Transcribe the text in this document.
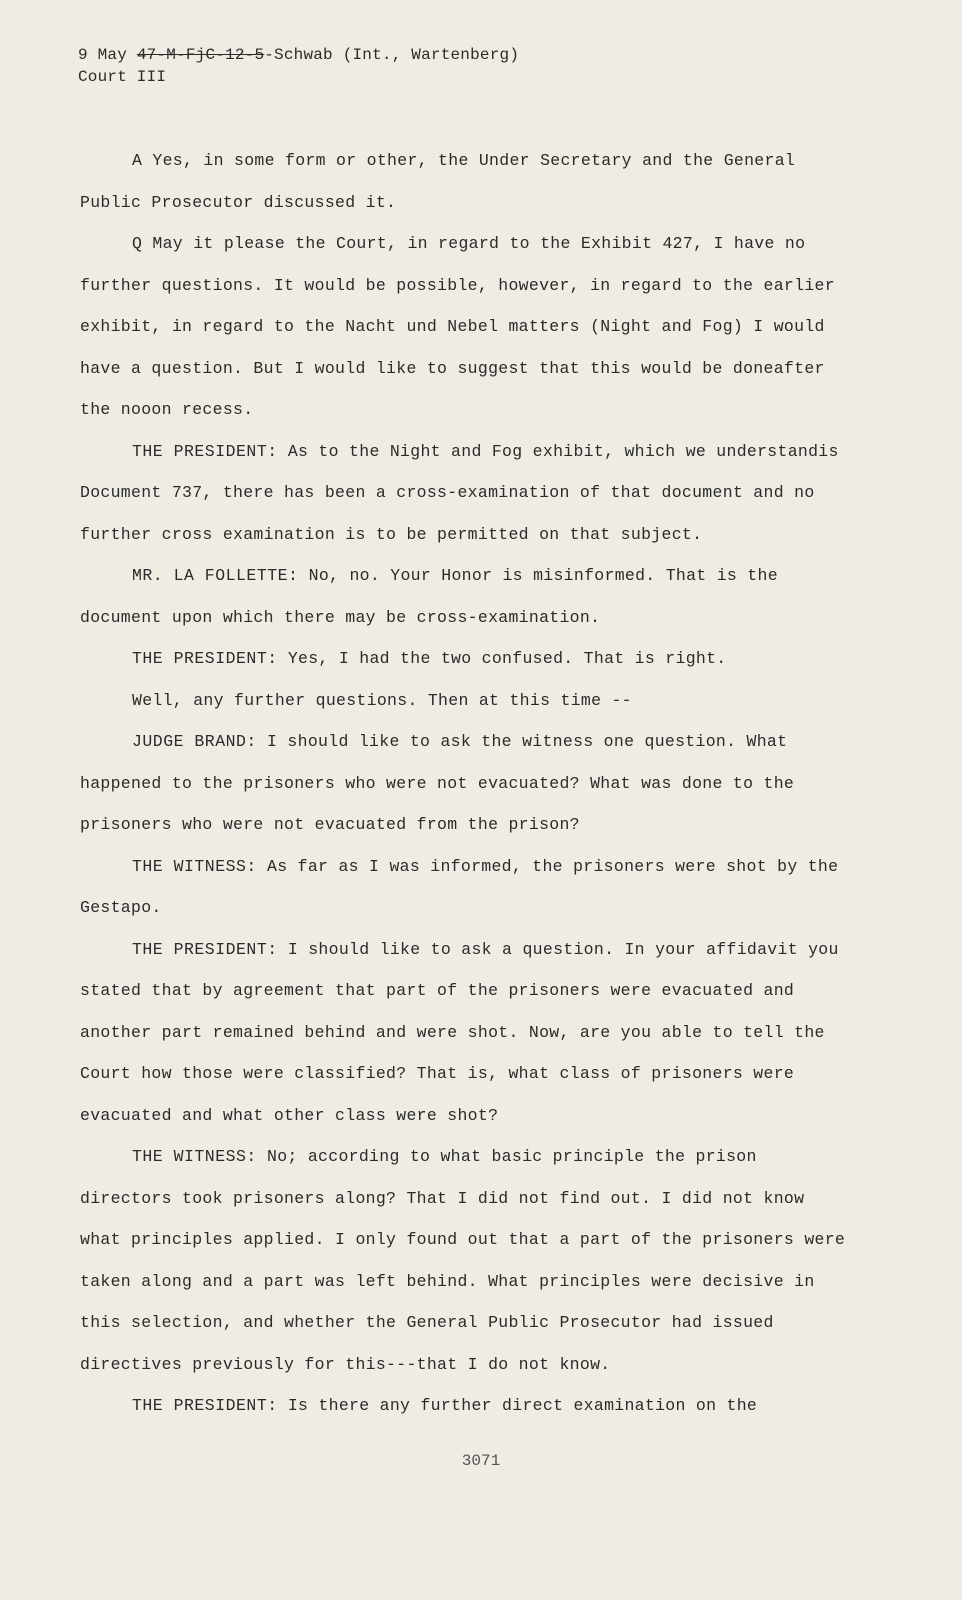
9 May 47-M-FjC-12-5-Schwab (Int., Wartenberg)
Court III

A Yes, in some form or other, the Under Secretary and the General Public Prosecutor discussed it.

Q May it please the Court, in regard to the Exhibit 427, I have no further questions. It would be possible, however, in regard to the earlier exhibit, in regard to the Nacht und Nebel matters (Night and Fog) I would have a question. But I would like to suggest that this would be doneafter the nooon recess.

THE PRESIDENT: As to the Night and Fog exhibit, which we understandis Document 737, there has been a cross-examination of that document and no further cross examination is to be permitted on that subject.

MR. LA FOLLETTE: No, no. Your Honor is misinformed. That is the document upon which there may be cross-examination.

THE PRESIDENT: Yes, I had the two confused. That is right.

Well, any further questions. Then at this time --

JUDGE BRAND: I should like to ask the witness one question. What happened to the prisoners who were not evacuated? What was done to the prisoners who were not evacuated from the prison?

THE WITNESS: As far as I was informed, the prisoners were shot by the Gestapo.

THE PRESIDENT: I should like to ask a question. In your affidavit you stated that by agreement that part of the prisoners were evacuated and another part remained behind and were shot. Now, are you able to tell the Court how those were classified? That is, what class of prisoners were evacuated and what other class were shot?

THE WITNESS: No; according to what basic principle the prison directors took prisoners along? That I did not find out. I did not know what principles applied. I only found out that a part of the prisoners were taken along and a part was left behind. What principles were decisive in this selection, and whether the General Public Prosecutor had issued directives previously for this---that I do not know.

THE PRESIDENT: Is there any further direct examination on the

3071
